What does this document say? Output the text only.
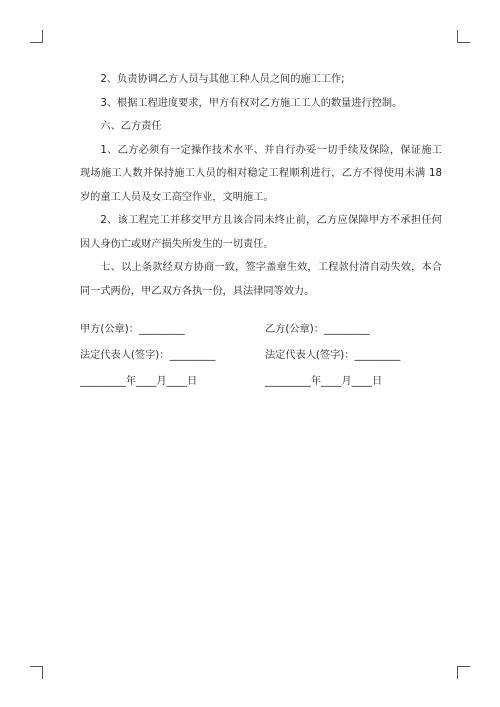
2、负责协调乙方人员与其他工种人员之间的施工工作;

3、根据工程进度要求，甲方有权对乙方施工工人的数量进行控制。

六、乙方责任

1、乙方必须有一定操作技术水平、并自行办妥一切手续及保险，保证施工现场施工人数并保持施工人员的相对稳定工程顺利进行，乙方不得使用未满 18 岁的童工人员及女工高空作业，文明施工。

2、该工程完工并移交甲方且该合同未终止前，乙方应保障甲方不承担任何因人身伤亡或财产损失所发生的一切责任。

七、以上条款经双方协商一致，签字盖章生效，工程款付清自动失效，本合同一式两份，甲乙双方各执一份，具法律同等效力。

甲方(公章)：_________	乙方(公章)：_________
法定代表人(签字)：_________	法定代表人(签字)：_________
_________年____月____日	_________年____月____日
